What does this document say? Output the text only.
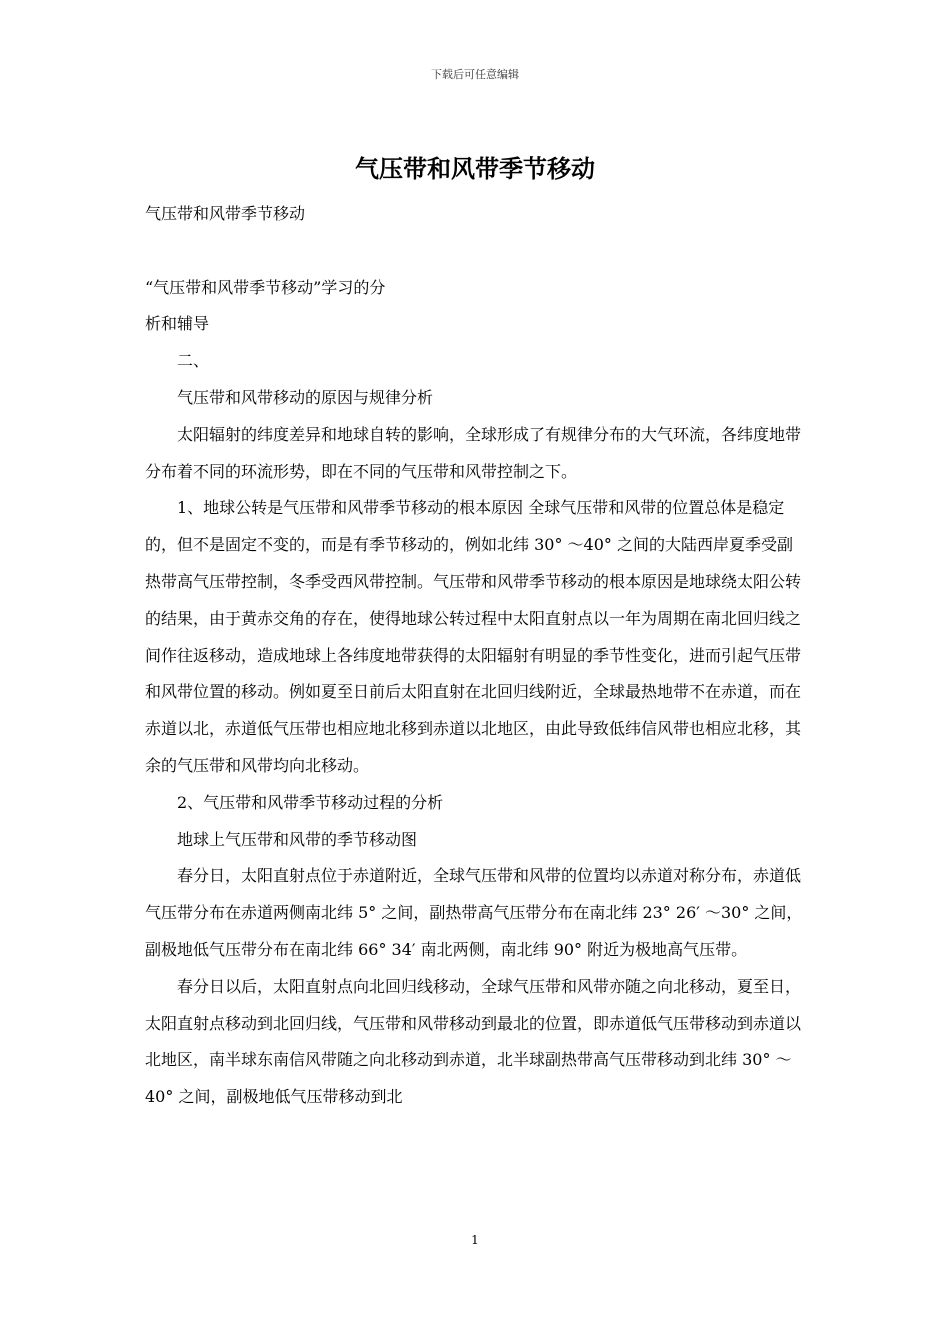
下载后可任意编辑
气压带和风带季节移动

气压带和风带季节移动

“气压带和风带季节移动”学习的分

析和辅导

二、

气压带和风带移动的原因与规律分析

太阳辐射的纬度差异和地球自转的影响，全球形成了有规律分布的大气环流，各纬度地带分布着不同的环流形势，即在不同的气压带和风带控制之下。

1、地球公转是气压带和风带季节移动的根本原因 全球气压带和风带的位置总体是稳定的，但不是固定不变的，而是有季节移动的，例如北纬 30° ～40° 之间的大陆西岸夏季受副热带高气压带控制，冬季受西风带控制。气压带和风带季节移动的根本原因是地球绕太阳公转的结果，由于黄赤交角的存在，使得地球公转过程中太阳直射点以一年为周期在南北回归线之间作往返移动，造成地球上各纬度地带获得的太阳辐射有明显的季节性变化，进而引起气压带和风带位置的移动。例如夏至日前后太阳直射在北回归线附近，全球最热地带不在赤道，而在赤道以北，赤道低气压带也相应地北移到赤道以北地区，由此导致低纬信风带也相应北移，其余的气压带和风带均向北移动。

2、气压带和风带季节移动过程的分析

地球上气压带和风带的季节移动图

春分日，太阳直射点位于赤道附近，全球气压带和风带的位置均以赤道对称分布，赤道低气压带分布在赤道两侧南北纬 5° 之间，副热带高气压带分布在南北纬 23° 26′ ～30° 之间，副极地低气压带分布在南北纬 66° 34′ 南北两侧，南北纬 90° 附近为极地高气压带。

春分日以后，太阳直射点向北回归线移动，全球气压带和风带亦随之向北移动，夏至日，太阳直射点移动到北回归线，气压带和风带移动到最北的位置，即赤道低气压带移动到赤道以北地区，南半球东南信风带随之向北移动到赤道，北半球副热带高气压带移动到北纬 30° ～40° 之间，副极地低气压带移动到北

1
